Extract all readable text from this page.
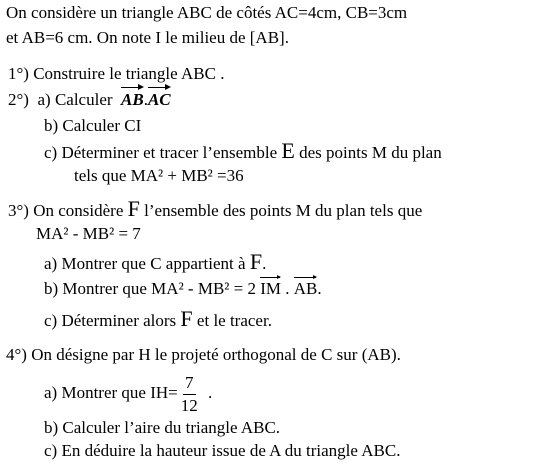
On considère un triangle ABC de côtés AC=4cm, CB=3cm
et AB=6 cm. On note I le milieu de [AB].
1°) Construire le triangle ABC .
2°) a) Calculer AB.AC
b) Calculer CI
c) Déterminer et tracer l’ensemble E des points M du plan
tels que MA² + MB² =36
3°) On considère F l’ensemble des points M du plan tels que
MA² - MB² = 7
a) Montrer que C appartient à F.
b) Montrer que MA² - MB² = 2 IM . AB.
c) Déterminer alors F et le tracer.
4°) On désigne par H le projeté orthogonal de C sur (AB).
a) Montrer que $IH= \frac{7}{12}$ .
b) Calculer l’aire du triangle ABC.
c) En déduire la hauteur issue de A du triangle ABC.
